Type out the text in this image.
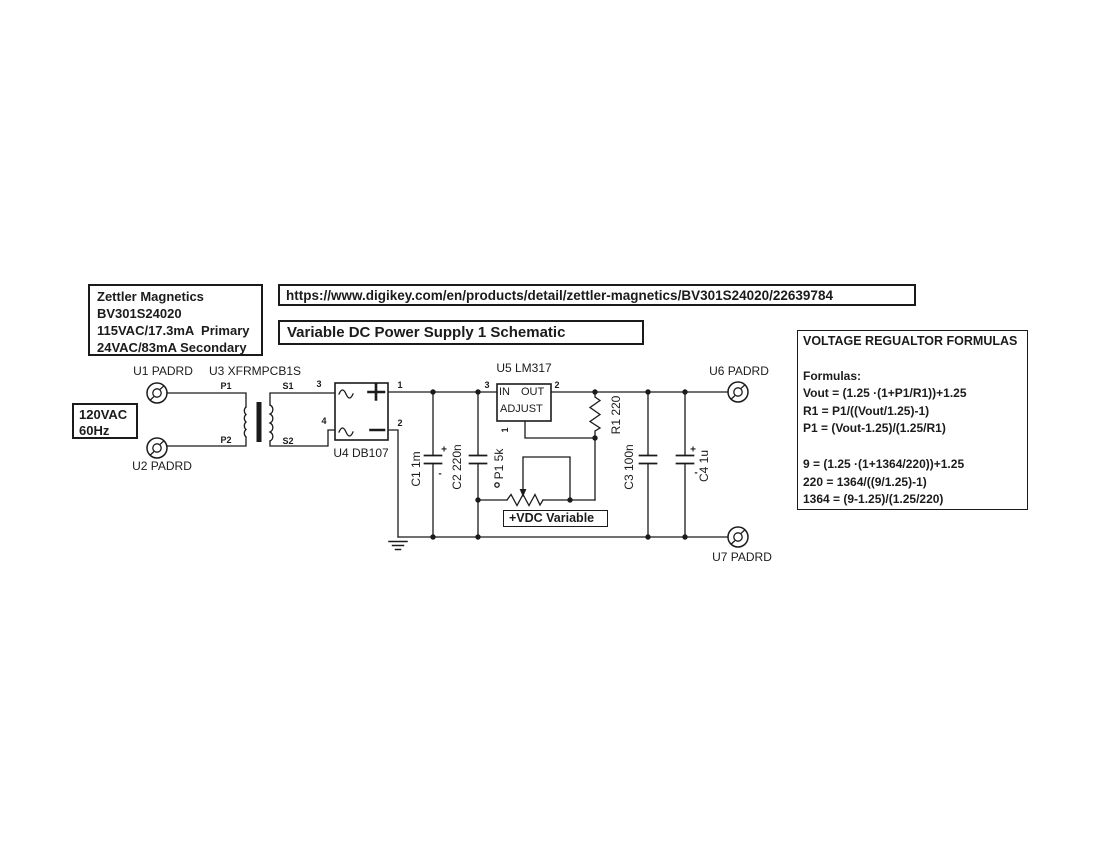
Zettler Magnetics
BV301S24020
115VAC/17.3mA  Primary
24VAC/83mA Secondary
https://www.digikey.com/en/products/detail/zettler-magnetics/BV301S24020/22639784
Variable DC Power Supply 1 Schematic
120VAC
60Hz
+VDC Variable
VOLTAGE REGUALTOR FORMULAS
Formulas:
Vout = (1.25 ·(1+P1/R1))+1.25
R1 = P1/((Vout/1.25)-1)
P1 = (Vout-1.25)/(1.25/R1)
9 = (1.25 ·(1+1364/220))+1.25
220 = 1364/((9/1.25)-1)
1364 = (9-1.25)/(1.25/220)
U1 PADRD
U2 PADRD
U3 XFRMPCB1S
U4 DB107
U5 LM317	U6 PADRD
U7 PADRD
P1
P2
S1
S2
3
4
1
2
3	2
1
IN OUT
ADJUST
C1 1m C2 220n P1 5k
R1 220
C3 100n	C4 1u
+
-
+
-
